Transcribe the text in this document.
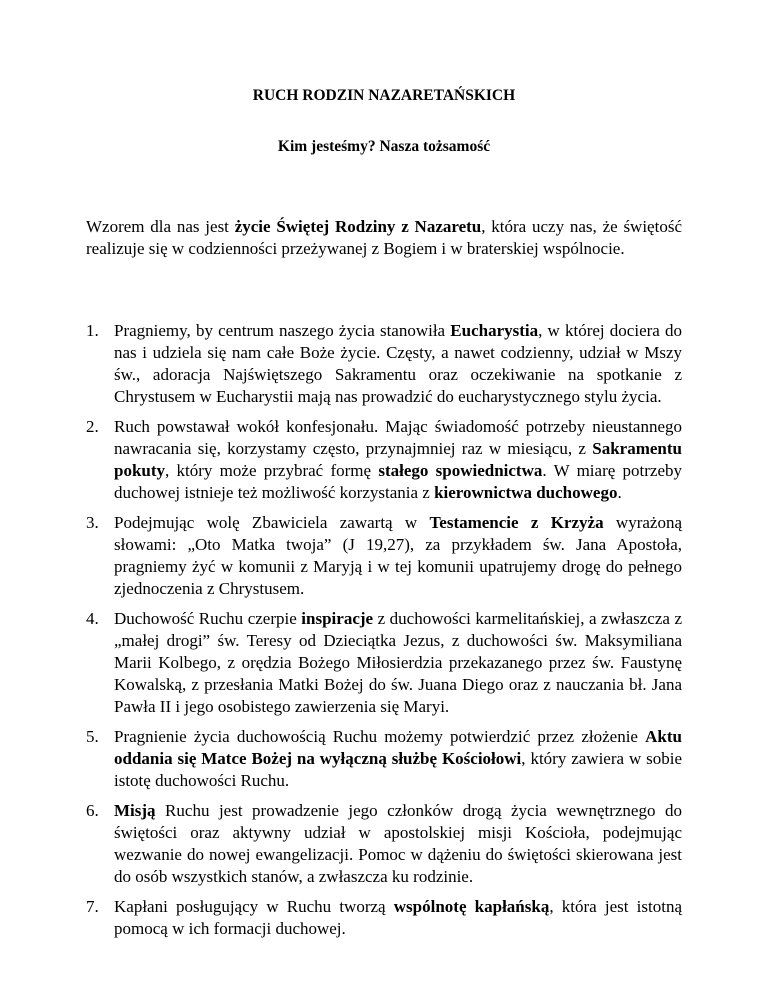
RUCH RODZIN NAZARETAŃSKICH
Kim jesteśmy? Nasza tożsamość

Wzorem dla nas jest życie Świętej Rodziny z Nazaretu, która uczy nas, że świętość realizuje się w codzienności przeżywanej z Bogiem i w braterskiej wspólnocie.

1. Pragniemy, by centrum naszego życia stanowiła Eucharystia, w której dociera do nas i udziela się nam całe Boże życie. Częsty, a nawet codzienny, udział w Mszy św., adoracja Najświętszego Sakramentu oraz oczekiwanie na spotkanie z Chrystusem w Eucharystii mają nas prowadzić do eucharystycznego stylu życia.
2. Ruch powstawał wokół konfesjonału. Mając świadomość potrzeby nieustannego nawracania się, korzystamy często, przynajmniej raz w miesiącu, z Sakramentu pokuty, który może przybrać formę stałego spowiednictwa. W miarę potrzeby duchowej istnieje też możliwość korzystania z kierownictwa duchowego.
3. Podejmując wolę Zbawiciela zawartą w Testamencie z Krzyża wyrażoną słowami: „Oto Matka twoja” (J 19,27), za przykładem św. Jana Apostoła, pragniemy żyć w komunii z Maryją i w tej komunii upatrujemy drogę do pełnego zjednoczenia z Chrystusem.
4. Duchowość Ruchu czerpie inspiracje z duchowości karmelitańskiej, a zwłaszcza z „małej drogi” św. Teresy od Dzieciątka Jezus, z duchowości św. Maksymiliana Marii Kolbego, z orędzia Bożego Miłosierdzia przekazanego przez św. Faustynę Kowalską, z przesłania Matki Bożej do św. Juana Diego oraz z nauczania bł. Jana Pawła II i jego osobistego zawierzenia się Maryi.
5. Pragnienie życia duchowością Ruchu możemy potwierdzić przez złożenie Aktu oddania się Matce Bożej na wyłączną służbę Kościołowi, który zawiera w sobie istotę duchowości Ruchu.
6. Misją Ruchu jest prowadzenie jego członków drogą życia wewnętrznego do świętości oraz aktywny udział w apostolskiej misji Kościoła, podejmując wezwanie do nowej ewangelizacji. Pomoc w dążeniu do świętości skierowana jest do osób wszystkich stanów, a zwłaszcza ku rodzinie.
7. Kapłani posługujący w Ruchu tworzą wspólnotę kapłańską, która jest istotną pomocą w ich formacji duchowej.
